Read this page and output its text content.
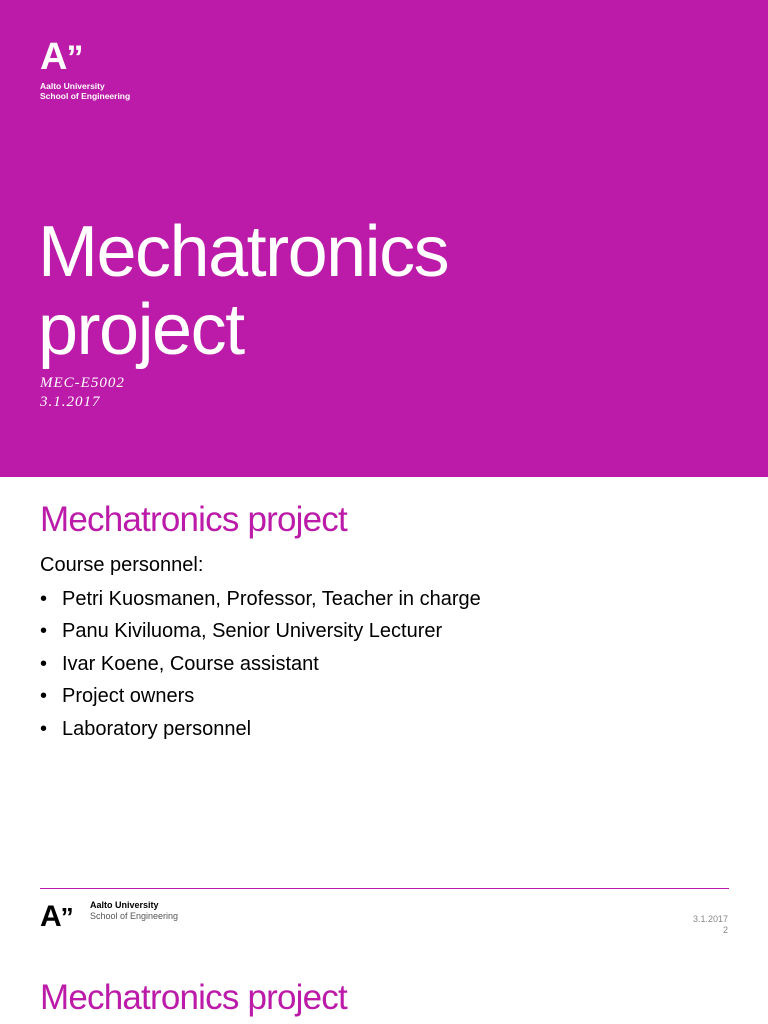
A”
Aalto University
School of Engineering
Mechatronics
project
MEC-E5002
3.1.2017
Mechatronics project

Course personnel:

• Petri Kuosmanen, Professor, Teacher in charge
• Panu Kiviluoma, Senior University Lecturer
• Ivar Koene, Course assistant
• Project owners
• Laboratory personnel
A” Aalto University
School of Engineering	3.1.2017
2
Mechatronics project
